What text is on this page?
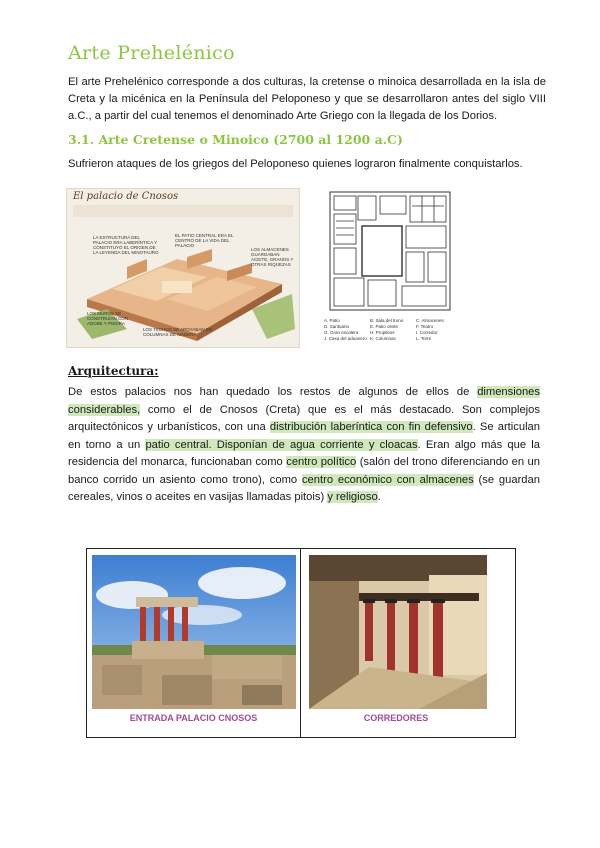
Arte Prehelénico
El arte Prehelénico corresponde a dos culturas, la cretense o minoica desarrollada en la isla de Creta y la micénica en la Península del Peloponeso y que se desarrollaron antes del siglo VIII a.C., a partir del cual tenemos el denominado Arte Griego con la llegada de los Dorios.
3.1. Arte Cretense o Minoico (2700 al 1200 a.C)
Sufrieron ataques de los griegos del Peloponeso quienes lograron finalmente conquistarlos.
El palacio de Cnosos
LA ESTRUCTURA DEL PALACIO ERA LABERÍNTICA Y CONSTITUYÓ EL ORIGEN DE LA LEYENDA DEL MINOTAURO
EL PATIO CENTRAL ERA EL CENTRO DE LA VIDA DEL PALACIO
LOS ALMACENES GUARDABAN ACEITE, GRANOS Y OTRAS RIQUEZAS
LOS MUROS SE CONSTRUÍAN CON ADOBE Y PIEDRA
LOS TECHOS SE APOYABAN EN COLUMNAS DE MADERA
A. Patio	B. Sala del trono	C. Almacenes
D. Santuario	E. Patio oeste	F. Teatro
G. Gran escalera	H. Propileos	I. Corredor
J. Casa del aduanero K. Columnas	L. Torre
Arquitectura:
De estos palacios nos han quedado los restos de algunos de ellos de dimensiones considerables, como el de Cnosos (Creta) que es el más destacado. Son complejos arquitectónicos y urbanísticos, con una distribución laberíntica con fin defensivo. Se articulan en torno a un patio central. Disponían de agua corriente y cloacas. Eran algo más que la residencia del monarca, funcionaban como centro político (salón del trono diferenciando en un banco corrido un asiento como trono), como centro económico con almacenes (se guardan cereales, vinos o aceites en vasijas llamadas pitois) y religioso.
ENTRADA PALACIO CNOSOS	CORREDORES
